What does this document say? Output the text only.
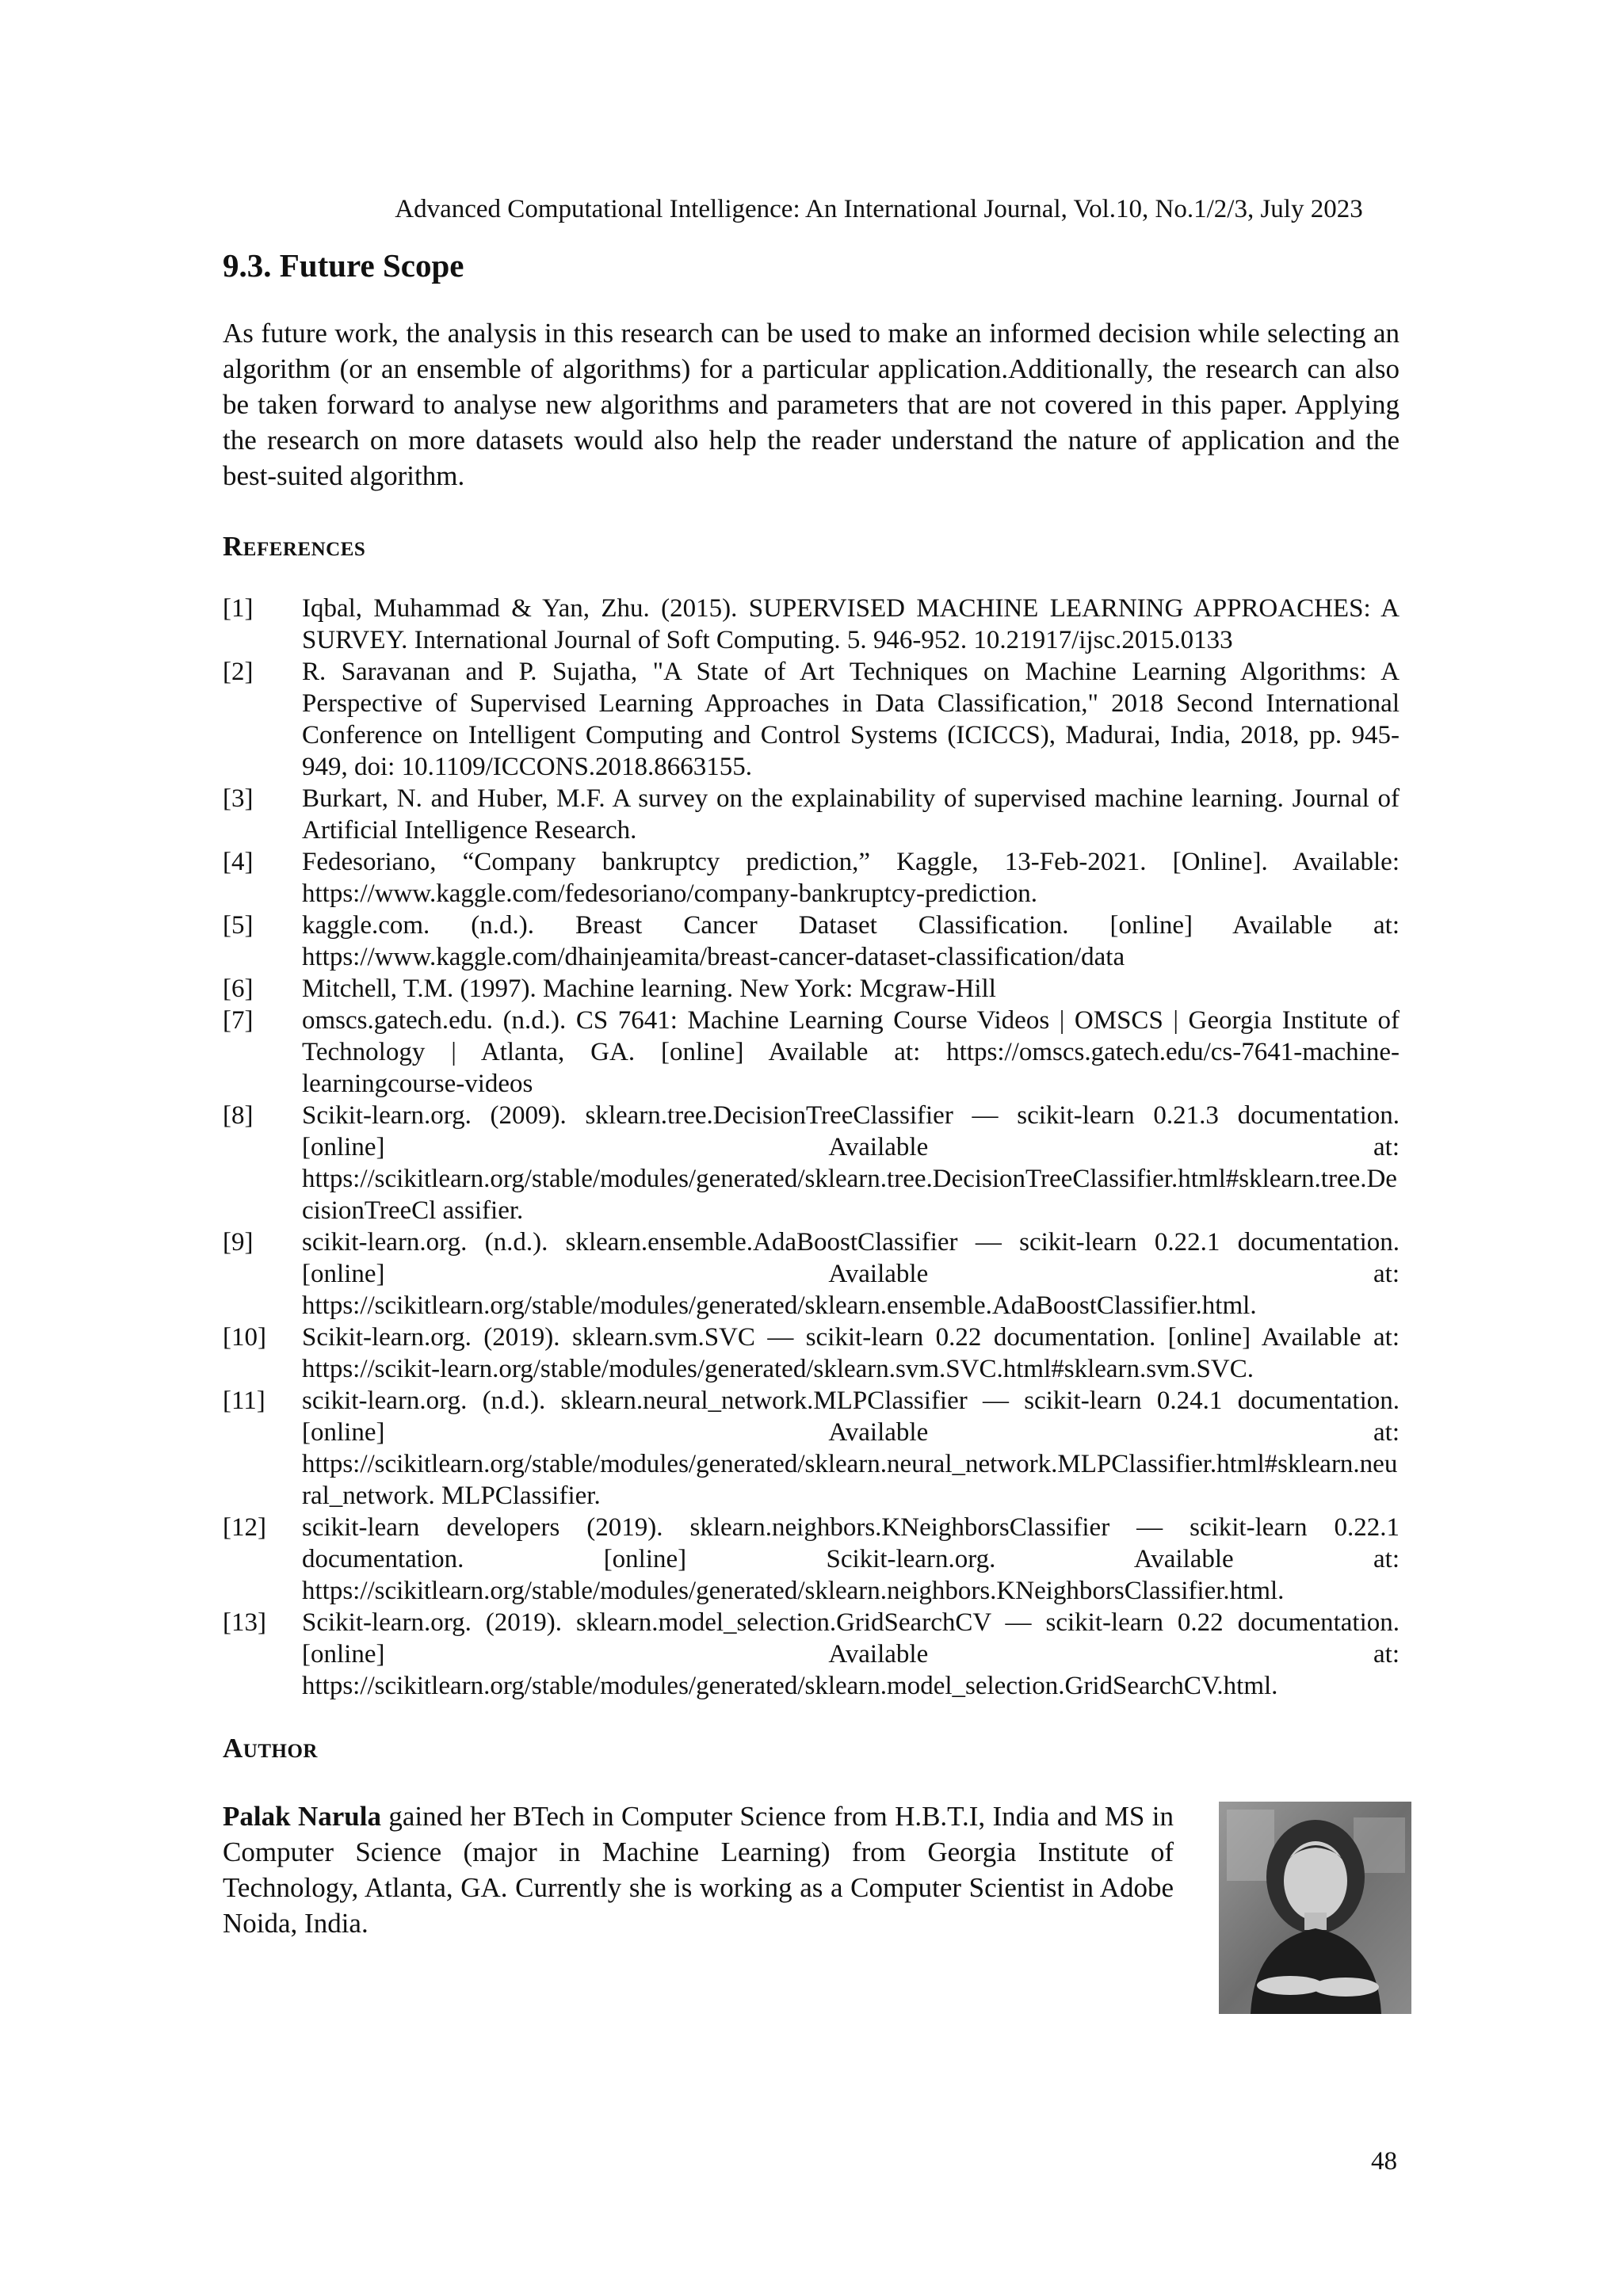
Advanced Computational Intelligence: An International Journal, Vol.10, No.1/2/3, July 2023
9.3. Future Scope
As future work, the analysis in this research can be used to make an informed decision while selecting an algorithm (or an ensemble of algorithms) for a particular application.Additionally, the research can also be taken forward to analyse new algorithms and parameters that are not covered in this paper. Applying the research on more datasets would also help the reader understand the nature of application and the best-suited algorithm.
References
[1] Iqbal, Muhammad & Yan, Zhu. (2015). SUPERVISED MACHINE LEARNING APPROACHES: A SURVEY. International Journal of Soft Computing. 5. 946-952. 10.21917/ijsc.2015.0133
[2] R. Saravanan and P. Sujatha, "A State of Art Techniques on Machine Learning Algorithms: A Perspective of Supervised Learning Approaches in Data Classification," 2018 Second International Conference on Intelligent Computing and Control Systems (ICICCS), Madurai, India, 2018, pp. 945-949, doi: 10.1109/ICCONS.2018.8663155.
[3] Burkart, N. and Huber, M.F. A survey on the explainability of supervised machine learning. Journal of Artificial Intelligence Research.
[4] Fedesoriano, “Company bankruptcy prediction,” Kaggle, 13-Feb-2021. [Online]. Available: https://www.kaggle.com/fedesoriano/company-bankruptcy-prediction.
[5] kaggle.com. (n.d.). Breast Cancer Dataset Classification. [online] Available at: https://www.kaggle.com/dhainjeamita/breast-cancer-dataset-classification/data
[6] Mitchell, T.M. (1997). Machine learning. New York: Mcgraw-Hill
[7] omscs.gatech.edu. (n.d.). CS 7641: Machine Learning Course Videos | OMSCS | Georgia Institute of Technology | Atlanta, GA. [online] Available at: https://omscs.gatech.edu/cs-7641-machine-learningcourse-videos
[8] Scikit-learn.org. (2009). sklearn.tree.DecisionTreeClassifier — scikit-learn 0.21.3 documentation. [online] Available at: https://scikitlearn.org/stable/modules/generated/sklearn.tree.DecisionTreeClassifier.html#sklearn.tree.DecisionTreeCl assifier.
[9] scikit-learn.org. (n.d.). sklearn.ensemble.AdaBoostClassifier — scikit-learn 0.22.1 documentation. [online] Available at: https://scikitlearn.org/stable/modules/generated/sklearn.ensemble.AdaBoostClassifier.html.
[10] Scikit-learn.org. (2019). sklearn.svm.SVC — scikit-learn 0.22 documentation. [online] Available at: https://scikit-learn.org/stable/modules/generated/sklearn.svm.SVC.html#sklearn.svm.SVC.
[11] scikit-learn.org. (n.d.). sklearn.neural_network.MLPClassifier — scikit-learn 0.24.1 documentation. [online] Available at: https://scikitlearn.org/stable/modules/generated/sklearn.neural_network.MLPClassifier.html#sklearn.neural_network. MLPClassifier.
[12] scikit-learn developers (2019). sklearn.neighbors.KNeighborsClassifier — scikit-learn 0.22.1 documentation. [online] Scikit-learn.org. Available at: https://scikitlearn.org/stable/modules/generated/sklearn.neighbors.KNeighborsClassifier.html.
[13] Scikit-learn.org. (2019). sklearn.model_selection.GridSearchCV — scikit-learn 0.22 documentation. [online] Available at: https://scikitlearn.org/stable/modules/generated/sklearn.model_selection.GridSearchCV.html.
Author
Palak Narula gained her BTech in Computer Science from H.B.T.I, India and MS in Computer Science (major in Machine Learning) from Georgia Institute of Technology, Atlanta, GA. Currently she is working as a Computer Scientist in Adobe Noida, India.
48
